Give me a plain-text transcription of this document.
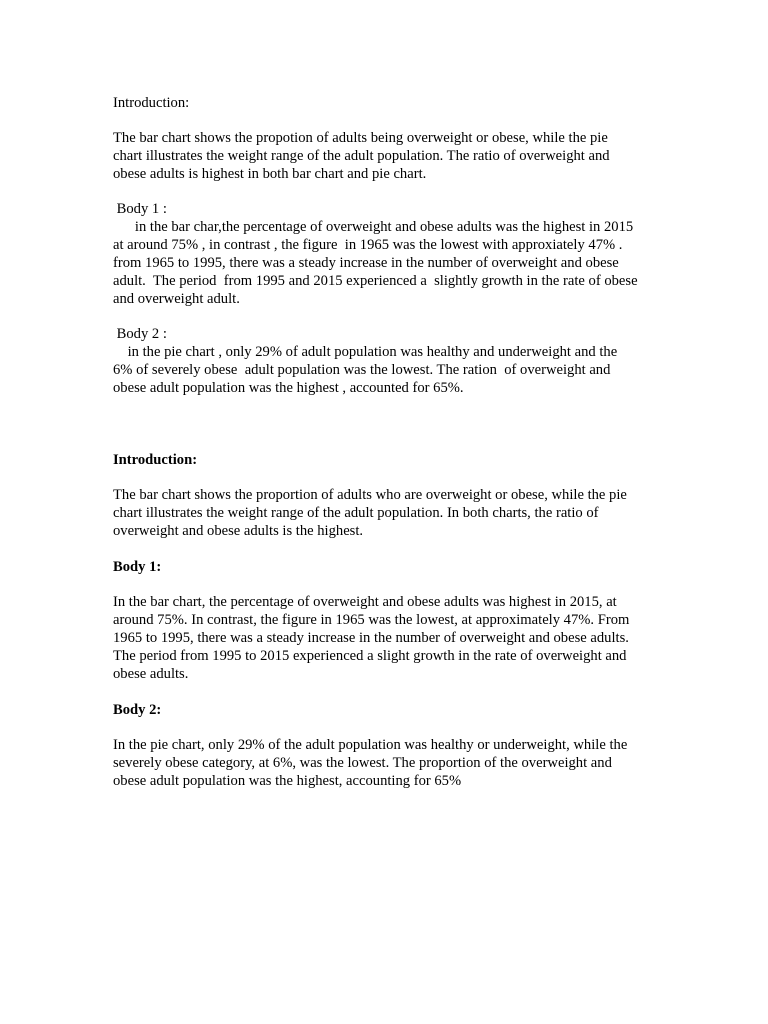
Introduction:
The bar chart shows the propotion of adults being overweight or obese, while the pie
chart illustrates the weight range of the adult population. The ratio of overweight and
obese adults is highest in both bar chart and pie chart.
Body 1 :
in the bar char,the percentage of overweight and obese adults was the highest in 2015
at around 75% , in contrast , the figure  in 1965 was the lowest with approxiately 47% .
from 1965 to 1995, there was a steady increase in the number of overweight and obese
adult.  The period  from 1995 and 2015 experienced a  slightly growth in the rate of obese
and overweight adult.
Body 2 :
in the pie chart , only 29% of adult population was healthy and underweight and the
6% of severely obese  adult population was the lowest. The ration  of overweight and
obese adult population was the highest , accounted for 65%.
Introduction:
The bar chart shows the proportion of adults who are overweight or obese, while the pie
chart illustrates the weight range of the adult population. In both charts, the ratio of
overweight and obese adults is the highest.
Body 1:
In the bar chart, the percentage of overweight and obese adults was highest in 2015, at
around 75%. In contrast, the figure in 1965 was the lowest, at approximately 47%. From
1965 to 1995, there was a steady increase in the number of overweight and obese adults.
The period from 1995 to 2015 experienced a slight growth in the rate of overweight and
obese adults.
Body 2:
In the pie chart, only 29% of the adult population was healthy or underweight, while the
severely obese category, at 6%, was the lowest. The proportion of the overweight and
obese adult population was the highest, accounting for 65%
